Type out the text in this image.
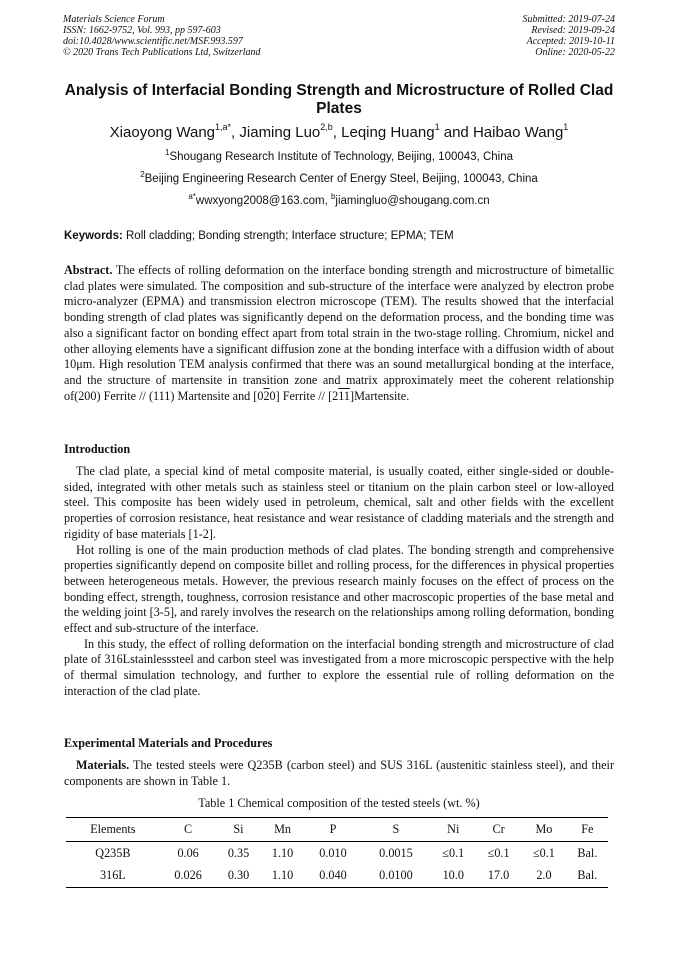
Materials Science Forum
ISSN: 1662-9752, Vol. 993, pp 597-603
doi:10.4028/www.scientific.net/MSF.993.597
© 2020 Trans Tech Publications Ltd, Switzerland
Submitted: 2019-07-24
Revised: 2019-09-24
Accepted: 2019-10-11
Online: 2020-05-22
Analysis of Interfacial Bonding Strength and Microstructure of Rolled Clad Plates
Xiaoyong Wang$^{1,a*}$, Jiaming Luo$^{2,b}$, Leqing Huang$^1$ and Haibao Wang$^1$
$^1$Shougang Research Institute of Technology, Beijing, 100043, China
$^2$Beijing Engineering Research Center of Energy Steel, Beijing, 100043, China
$^{a*}$wwxyong2008@163.com, $^b$jiamingluo@shougang.com.cn
Keywords: Roll cladding; Bonding strength; Interface structure; EPMA; TEM

Abstract. The effects of rolling deformation on the interface bonding strength and microstructure of bimetallic clad plates were simulated. The composition and sub-structure of the interface were analyzed by electron probe micro-analyzer (EPMA) and transmission electron microscope (TEM). The results showed that the interfacial bonding strength of clad plates was significantly depend on the deformation process, and the bonding time was also a significant factor on bonding effect apart from total strain in the two-stage rolling. Chromium, nickel and other alloying elements have a significant diffusion zone at the bonding interface with a diffusion width of about 10μm. High resolution TEM analysis confirmed that there was an sound metallurgical bonding at the interface, and the structure of martensite in transition zone and matrix approximately meet the coherent relationship of(200) Ferrite // (111) Martensite and [020] Ferrite // [211]Martensite.

Introduction

The clad plate, a special kind of metal composite material, is usually coated, either single-sided or double-sided, integrated with other metals such as stainless steel or titanium on the plain carbon steel or low-alloyed steel. This composite has been widely used in petroleum, chemical, salt and other fields with the excellent properties of corrosion resistance, heat resistance and wear resistance of cladding materials and the strength and rigidity of base materials [1-2].

Hot rolling is one of the main production methods of clad plates. The bonding strength and comprehensive properties significantly depend on composite billet and rolling process, for the differences in physical properties between heterogeneous metals. However, the previous research mainly focuses on the effect of process on the bonding effect, strength, toughness, corrosion resistance and other macroscopic properties of the base metal and the welding joint [3-5], and rarely involves the research on the relationships among rolling deformation, bonding effect and sub-structure of the interface.

In this study, the effect of rolling deformation on the interfacial bonding strength and microstructure of clad plate of 316Lstainlesssteel and carbon steel was investigated from a more microscopic perspective with the help of thermal simulation technology, and further to explore the essential rule of rolling deformation on the interaction of the clad plate.

Experimental Materials and Procedures

Materials. The tested steels were Q235B (carbon steel) and SUS 316L (austenitic stainless steel), and their components are shown in Table 1.

Table 1 Chemical composition of the tested steels (wt. %)
Elements	C	Si	Mn	P	S	Ni	Cr	Mo	Fe
Q235B	0.06	0.35	1.10	0.010	0.0015	≤0.1	≤0.1	≤0.1	Bal.
316L	0.026	0.30	1.10	0.040	0.0100	10.0	17.0	2.0	Bal.
